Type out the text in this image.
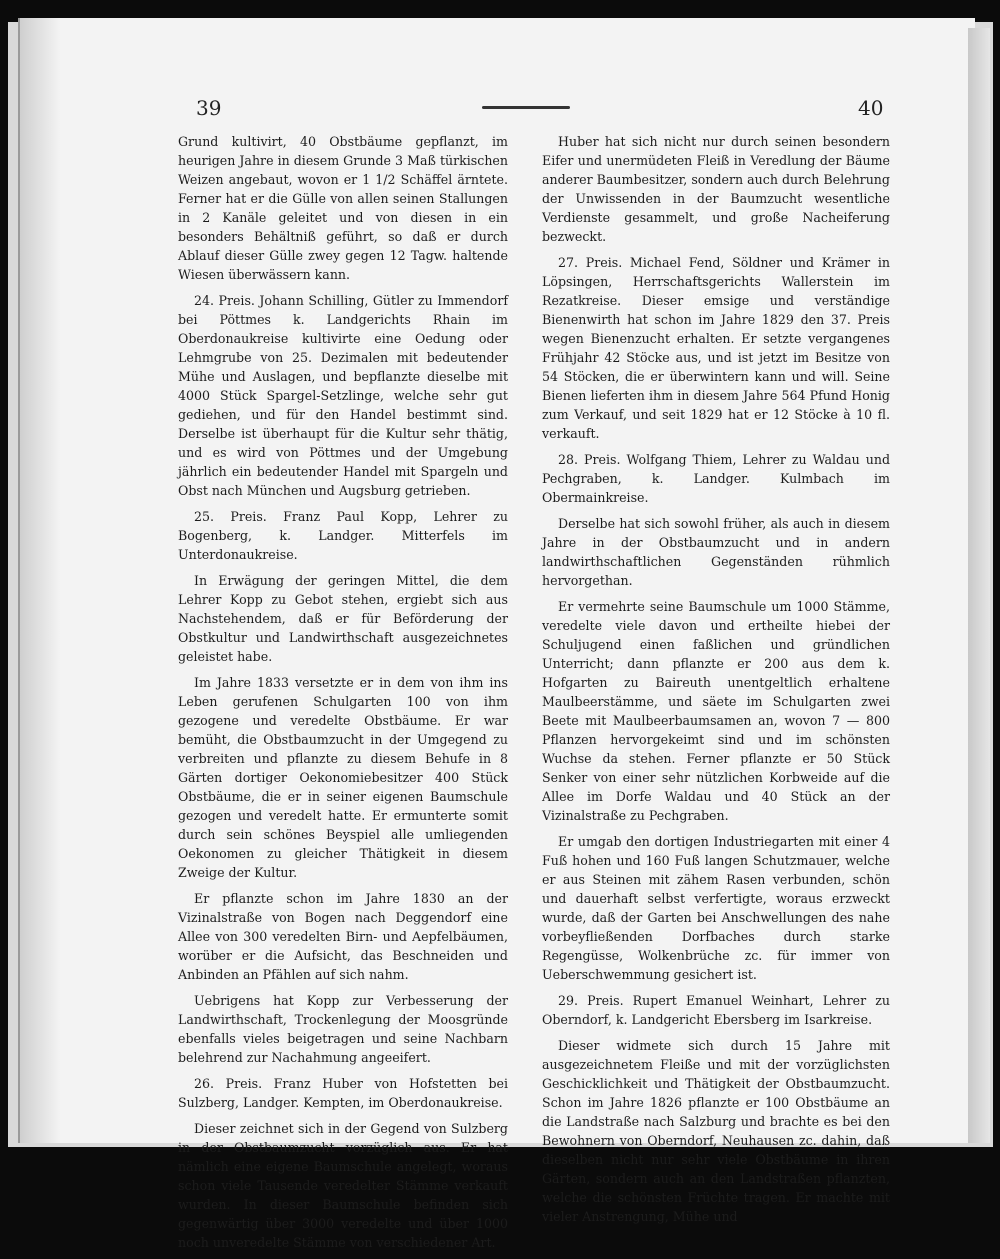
39	40

Grund kultivirt, 40 Obstbäume gepflanzt, im heurigen Jahre in diesem Grunde 3 Maß türkischen Weizen angebaut, wovon er 1 1/2 Schäffel ärntete. Ferner hat er die Gülle von allen seinen Stallungen in 2 Kanäle geleitet und von diesen in ein besonders Behältniß geführt, so daß er durch Ablauf dieser Gülle zwey gegen 12 Tagw. haltende Wiesen überwässern kann.

24. Preis. Johann Schilling, Gütler zu Immendorf bei Pöttmes k. Landgerichts Rhain im Oberdonaukreise kultivirte eine Oedung oder Lehmgrube von 25. Dezimalen mit bedeutender Mühe und Auslagen, und bepflanzte dieselbe mit 4000 Stück Spargel-Setzlinge, welche sehr gut gediehen, und für den Handel bestimmt sind. Derselbe ist überhaupt für die Kultur sehr thätig, und es wird von Pöttmes und der Umgebung jährlich ein bedeutender Handel mit Spargeln und Obst nach München und Augsburg getrieben.

25. Preis. Franz Paul Kopp, Lehrer zu Bogenberg, k. Landger. Mitterfels im Unterdonaukreise.

In Erwägung der geringen Mittel, die dem Lehrer Kopp zu Gebot stehen, ergiebt sich aus Nachstehendem, daß er für Beförderung der Obstkultur und Landwirthschaft ausgezeichnetes geleistet habe.

Im Jahre 1833 versetzte er in dem von ihm ins Leben gerufenen Schulgarten 100 von ihm gezogene und veredelte Obstbäume. Er war bemüht, die Obstbaumzucht in der Umgegend zu verbreiten und pflanzte zu diesem Behufe in 8 Gärten dortiger Oekonomiebesitzer 400 Stück Obstbäume, die er in seiner eigenen Baumschule gezogen und veredelt hatte. Er ermunterte somit durch sein schönes Beyspiel alle umliegenden Oekonomen zu gleicher Thätigkeit in diesem Zweige der Kultur.

Er pflanzte schon im Jahre 1830 an der Vizinalstraße von Bogen nach Deggendorf eine Allee von 300 veredelten Birn- und Aepfelbäumen, worüber er die Aufsicht, das Beschneiden und Anbinden an Pfählen auf sich nahm.

Uebrigens hat Kopp zur Verbesserung der Landwirthschaft, Trockenlegung der Moosgründe ebenfalls vieles beigetragen und seine Nachbarn belehrend zur Nachahmung angeeifert.

26. Preis. Franz Huber von Hofstetten bei Sulzberg, Landger. Kempten, im Oberdonaukreise.

Dieser zeichnet sich in der Gegend von Sulzberg in der Obstbaumzucht vorzüglich aus. Er hat nämlich eine eigene Baumschule angelegt, woraus schon viele Tausende veredelter Stämme verkauft wurden. In dieser Baumschule befinden sich gegenwärtig über 3000 veredelte und über 1000 noch unveredelte Stämme von verschiedener Art.

Huber hat sich nicht nur durch seinen besondern Eifer und unermüdeten Fleiß in Veredlung der Bäume anderer Baumbesitzer, sondern auch durch Belehrung der Unwissenden in der Baumzucht wesentliche Verdienste gesammelt, und große Nacheiferung bezweckt.

27. Preis. Michael Fend, Söldner und Krämer in Löpsingen, Herrschaftsgerichts Wallerstein im Rezatkreise. Dieser emsige und verständige Bienenwirth hat schon im Jahre 1829 den 37. Preis wegen Bienenzucht erhalten. Er setzte vergangenes Frühjahr 42 Stöcke aus, und ist jetzt im Besitze von 54 Stöcken, die er überwintern kann und will. Seine Bienen lieferten ihm in diesem Jahre 564 Pfund Honig zum Verkauf, und seit 1829 hat er 12 Stöcke à 10 fl. verkauft.

28. Preis. Wolfgang Thiem, Lehrer zu Waldau und Pechgraben, k. Landger. Kulmbach im Obermainkreise.

Derselbe hat sich sowohl früher, als auch in diesem Jahre in der Obstbaumzucht und in andern landwirthschaftlichen Gegenständen rühmlich hervorgethan.

Er vermehrte seine Baumschule um 1000 Stämme, veredelte viele davon und ertheilte hiebei der Schuljugend einen faßlichen und gründlichen Unterricht; dann pflanzte er 200 aus dem k. Hofgarten zu Baireuth unentgeltlich erhaltene Maulbeerstämme, und säete im Schulgarten zwei Beete mit Maulbeerbaumsamen an, wovon 7 — 800 Pflanzen hervorgekeimt sind und im schönsten Wuchse da stehen. Ferner pflanzte er 50 Stück Senker von einer sehr nützlichen Korbweide auf die Allee im Dorfe Waldau und 40 Stück an der Vizinalstraße zu Pechgraben.

Er umgab den dortigen Industriegarten mit einer 4 Fuß hohen und 160 Fuß langen Schutzmauer, welche er aus Steinen mit zähem Rasen verbunden, schön und dauerhaft selbst verfertigte, woraus erzweckt wurde, daß der Garten bei Anschwellungen des nahe vorbeyfließenden Dorfbaches durch starke Regengüsse, Wolkenbrüche zc. für immer von Ueberschwemmung gesichert ist.

29. Preis. Rupert Emanuel Weinhart, Lehrer zu Oberndorf, k. Landgericht Ebersberg im Isarkreise.

Dieser widmete sich durch 15 Jahre mit ausgezeichnetem Fleiße und mit der vorzüglichsten Geschicklichkeit und Thätigkeit der Obstbaumzucht. Schon im Jahre 1826 pflanzte er 100 Obstbäume an die Landstraße nach Salzburg und brachte es bei den Bewohnern von Oberndorf, Neuhausen zc. dahin, daß dieselben nicht nur sehr viele Obstbäume in ihren Gärten, sondern auch an den Landstraßen pflanzten, welche die schönsten Früchte tragen. Er machte mit vieler Anstrengung, Mühe und
